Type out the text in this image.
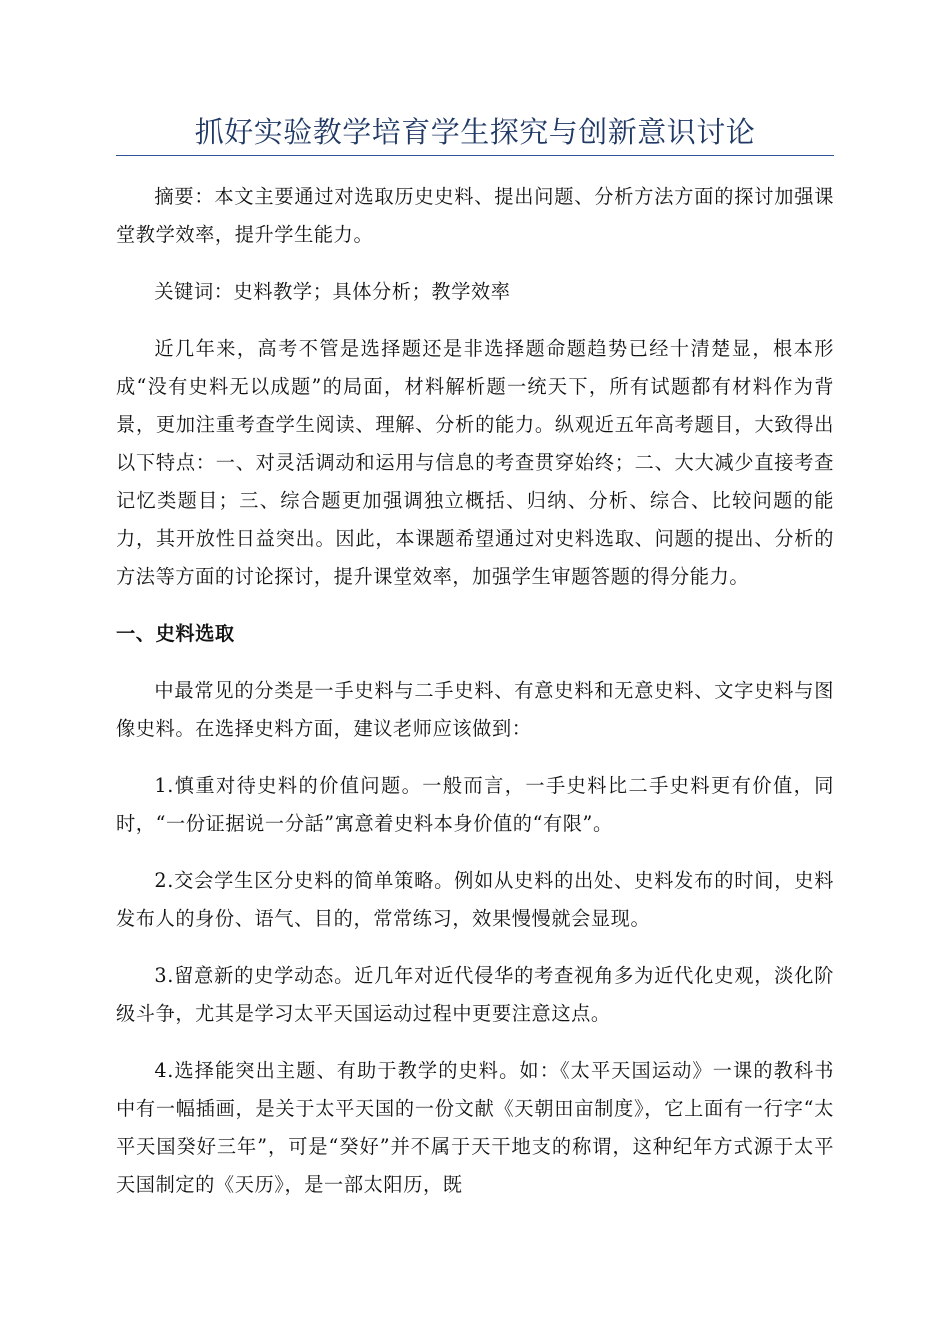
抓好实验教学培育学生探究与创新意识讨论

摘要：本文主要通过对选取历史史料、提出问题、分析方法方面的探讨加强课堂教学效率，提升学生能力。

关键词：史料教学；具体分析；教学效率

近几年来，高考不管是选择题还是非选择题命题趋势已经十清楚显，根本形成“没有史料无以成题”的局面，材料解析题一统天下，所有试题都有材料作为背景，更加注重考查学生阅读、理解、分析的能力。纵观近五年高考题目，大致得出以下特点：一、对灵活调动和运用与信息的考查贯穿始终；二、大大减少直接考查记忆类题目；三、综合题更加强调独立概括、归纳、分析、综合、比较问题的能力，其开放性日益突出。因此，本课题希望通过对史料选取、问题的提出、分析的方法等方面的讨论探讨，提升课堂效率，加强学生审题答题的得分能力。

一、史料选取

中最常见的分类是一手史料与二手史料、有意史料和无意史料、文字史料与图像史料。在选择史料方面，建议老师应该做到：

1.慎重对待史料的价值问题。一般而言，一手史料比二手史料更有价值，同时，“一份证据说一分話”寓意着史料本身价值的“有限”。

2.交会学生区分史料的简单策略。例如从史料的出处、史料发布的时间，史料发布人的身份、语气、目的，常常练习，效果慢慢就会显现。

3.留意新的史学动态。近几年对近代侵华的考查视角多为近代化史观，淡化阶级斗争，尤其是学习太平天国运动过程中更要注意这点。

4.选择能突出主题、有助于教学的史料。如：《太平天国运动》一课的教科书中有一幅插画，是关于太平天国的一份文献《天朝田亩制度》，它上面有一行字“太平天国癸好三年”，可是“癸好”并不属于天干地支的称谓，这种纪年方式源于太平天国制定的《天历》，是一部太阳历，既
